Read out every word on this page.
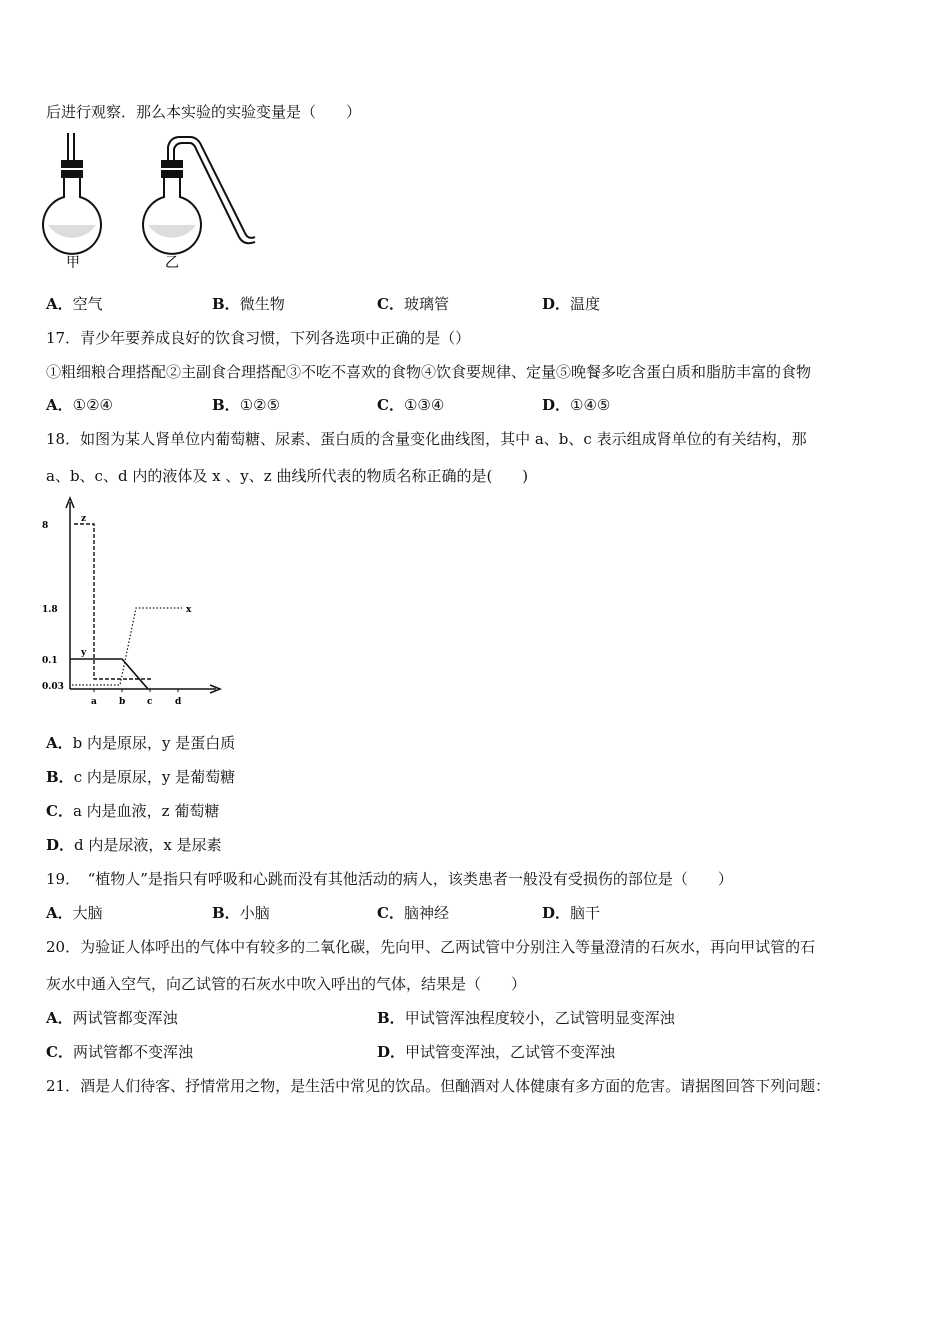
后进行观察．那么本实验的实验变量是（　　）
甲	乙
A．空气	B．微生物	C．玻璃管	D．温度
17．青少年要养成良好的饮食习惯，下列各选项中正确的是（）
①粗细粮合理搭配②主副食合理搭配③不吃不喜欢的食物④饮食要规律、定量⑤晚餐多吃含蛋白质和脂肪丰富的食物
A．①②④	B．①②⑤	C．①③④	D．①④⑤
18．如图为某人肾单位内葡萄糖、尿素、蛋白质的含量变化曲线图，其中 a、b、c 表示组成肾单位的有关结构，那
a、b、c、d 内的液体及 x 、y、z 曲线所代表的物质名称正确的是(　　)
8
1.8
0.1
0.03
a b c	d
z
x
y
A．b 内是原尿，y 是蛋白质
B．c 内是原尿，y 是葡萄糖
C．a 内是血液，z 葡萄糖
D．d 内是尿液，x 是尿素
19．　“植物人”是指只有呼吸和心跳而没有其他活动的病人，该类患者一般没有受损伤的部位是（　　）
A．大脑	B．小脑	C．脑神经	D．脑干
20．为验证人体呼出的气体中有较多的二氧化碳，先向甲、乙两试管中分别注入等量澄清的石灰水，再向甲试管的石
灰水中通入空气，向乙试管的石灰水中吹入呼出的气体，结果是（　　）
A．两试管都变浑浊	B．甲试管浑浊程度较小，乙试管明显变浑浊
C．两试管都不变浑浊	D．甲试管变浑浊，乙试管不变浑浊
21．酒是人们待客、抒情常用之物，是生活中常见的饮品。但酗酒对人体健康有多方面的危害。请据图回答下列问题：
